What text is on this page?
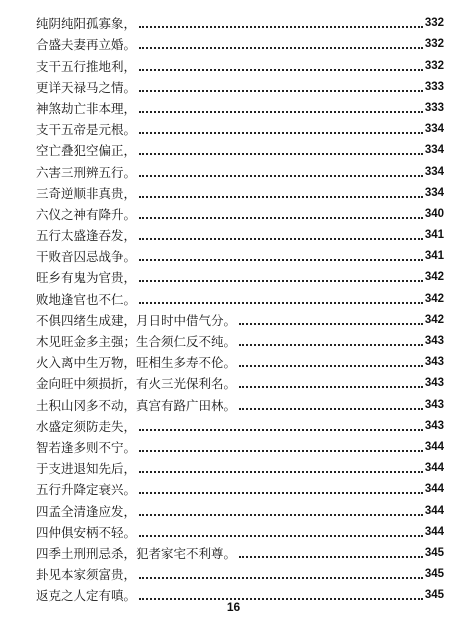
纯阴纯阳孤寡象，	332
合盛夫妻再立婚。	332
支干五行推地利，	332
更详天禄马之情。	333
神煞劫亡非本理，	333
支干五帝是元根。	334
空亡叠犯空偏正，	334
六害三刑辨五行。	334
三奇逆顺非真贵，	334
六仪之神有降升。	340
五行太盛逢吞发，	341
干败音囚忌战争。	341
旺乡有鬼为官贵，	342
败地逢官也不仁。	342
不俱四绪生成建，月日时中借气分。	342
木见旺金多主强；生合须仁反不纯。	343
火入离中生万物，旺相生多寿不伦。	343
金向旺中须损折，有火三光保利名。	343
土积山冈多不动，真宫有路广田林。	343
水盛定须防走失，	343
智若逢多则不宁。	344
于支进退知先后，	344
五行升降定衰兴。	344
四孟全清逢应发，	344
四仲俱安柄不轻。	344
四季土刑刑忌杀，犯者家宅不利尊。	345
卦见本家须富贵，	345
返克之人定有嗔。	345
16
